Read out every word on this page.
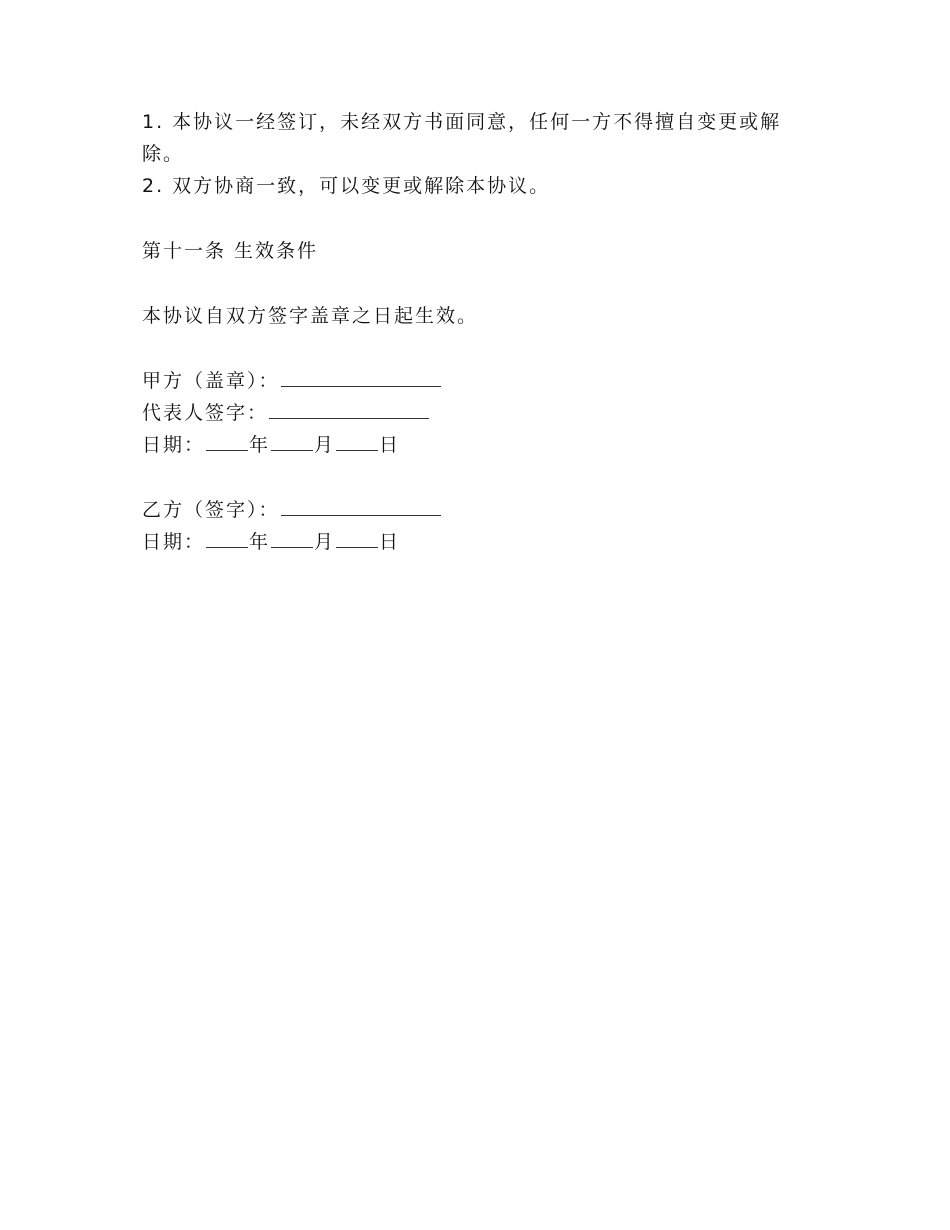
1. 本协议一经签订，未经双方书面同意，任何一方不得擅自变更或解除。

2. 双方协商一致，可以变更或解除本协议。

第十一条 生效条件

本协议自双方签字盖章之日起生效。

甲方（盖章）：

代表人签字：

日期： 年 月 日

乙方（签字）：

日期： 年 月 日
